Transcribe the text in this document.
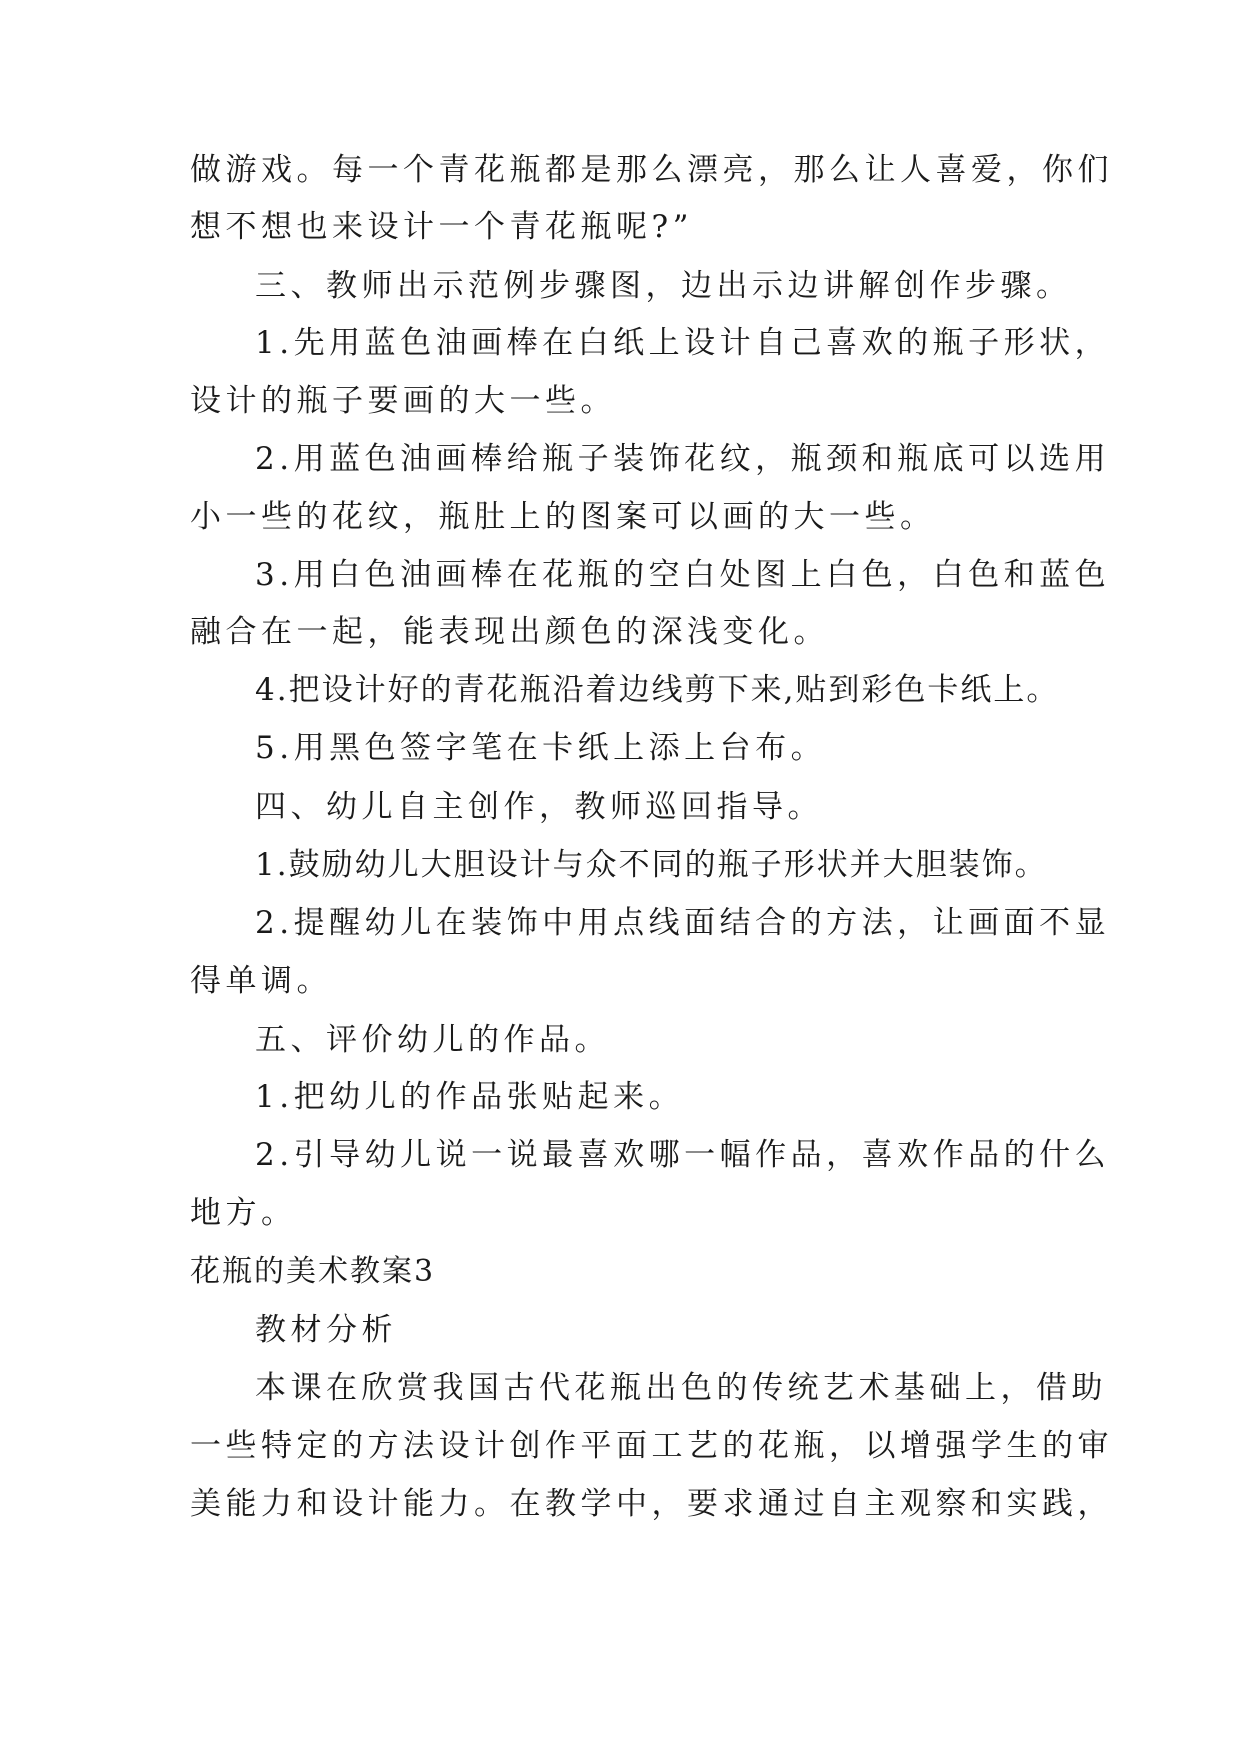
做游戏。每一个青花瓶都是那么漂亮，那么让人喜爱，你们
想不想也来设计一个青花瓶呢?”
三、教师出示范例步骤图，边出示边讲解创作步骤。
1.先用蓝色油画棒在白纸上设计自己喜欢的瓶子形状，
设计的瓶子要画的大一些。
2.用蓝色油画棒给瓶子装饰花纹，瓶颈和瓶底可以选用
小一些的花纹，瓶肚上的图案可以画的大一些。
3.用白色油画棒在花瓶的空白处图上白色，白色和蓝色
融合在一起，能表现出颜色的深浅变化。
4.把设计好的青花瓶沿着边线剪下来,贴到彩色卡纸上。
5.用黑色签字笔在卡纸上添上台布。
四、幼儿自主创作，教师巡回指导。
1.鼓励幼儿大胆设计与众不同的瓶子形状并大胆装饰。
2.提醒幼儿在装饰中用点线面结合的方法，让画面不显
得单调。
五、评价幼儿的作品。
1.把幼儿的作品张贴起来。
2.引导幼儿说一说最喜欢哪一幅作品，喜欢作品的什么
地方。
花瓶的美术教案3
教材分析
本课在欣赏我国古代花瓶出色的传统艺术基础上，借助
一些特定的方法设计创作平面工艺的花瓶，以增强学生的审
美能力和设计能力。在教学中，要求通过自主观察和实践，
